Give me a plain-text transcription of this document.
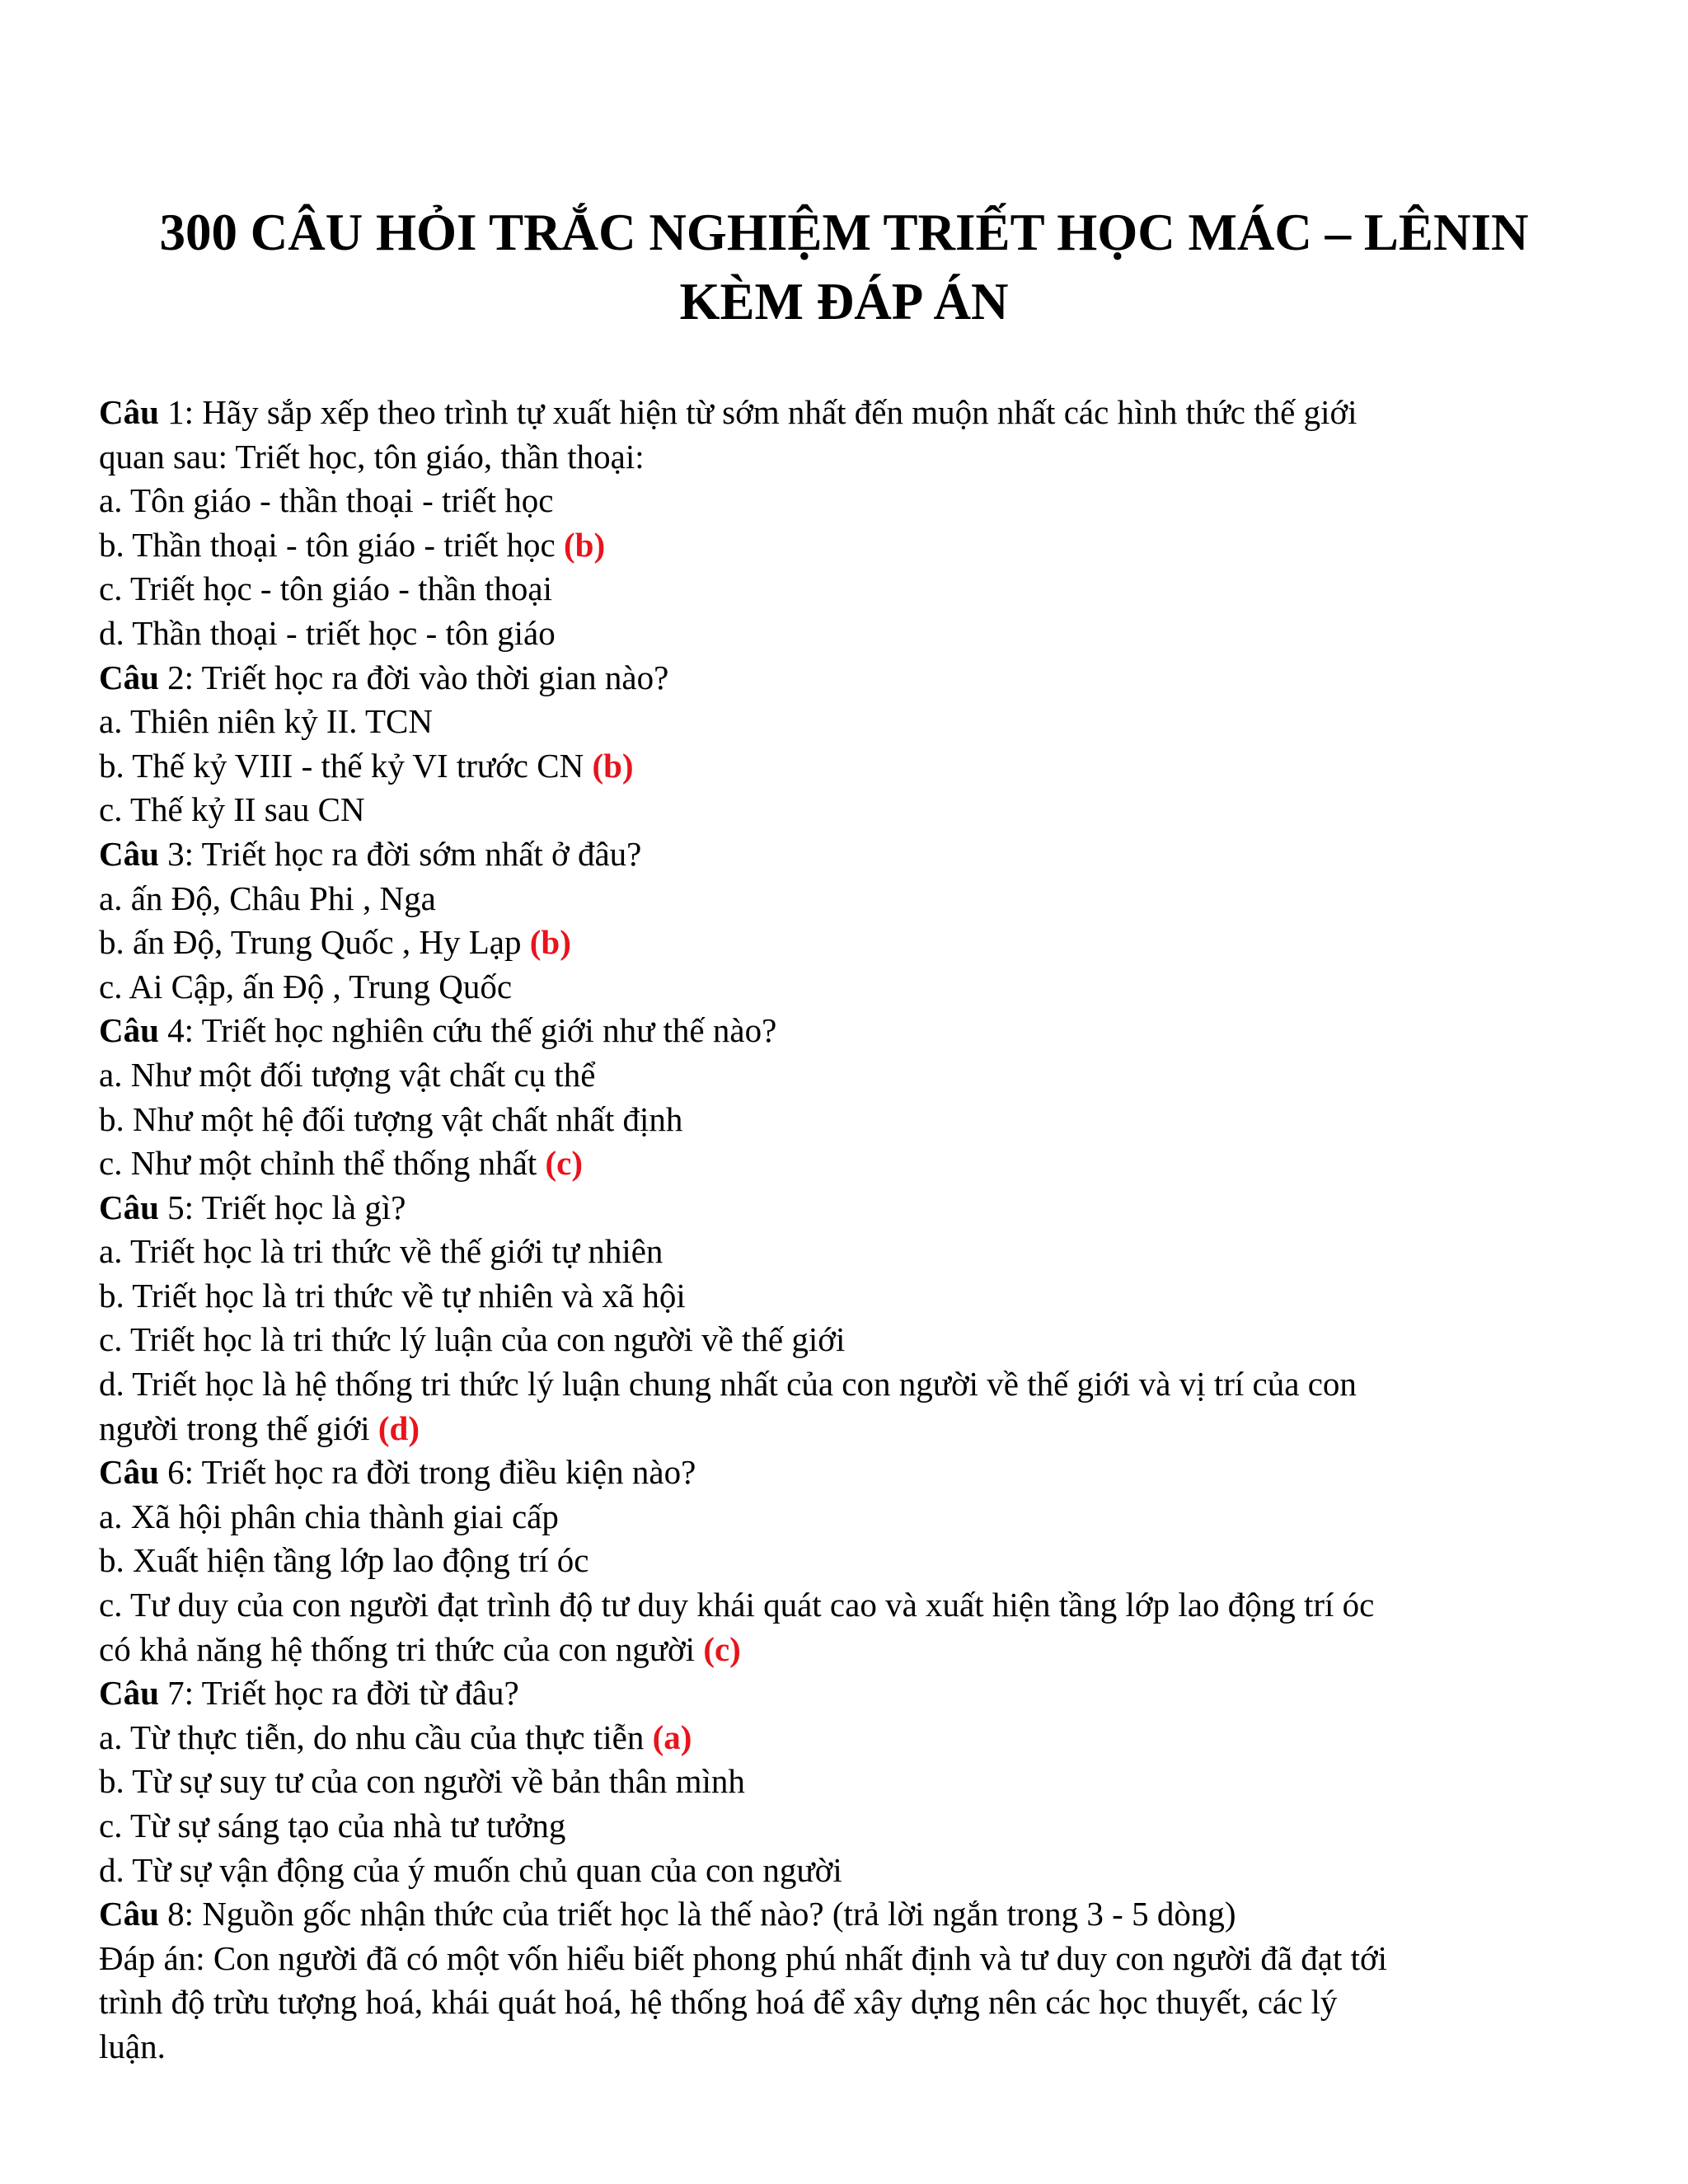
300 CÂU HỎI TRẮC NGHIỆM TRIẾT HỌC MÁC – LÊNIN
KÈM ĐÁP ÁN
Câu 1: Hãy sắp xếp theo trình tự xuất hiện từ sớm nhất đến muộn nhất các hình thức thế giới
quan sau: Triết học, tôn giáo, thần thoại:
a. Tôn giáo - thần thoại - triết học
b. Thần thoại - tôn giáo - triết học (b)
c. Triết học - tôn giáo - thần thoại
d. Thần thoại - triết học - tôn giáo
Câu 2: Triết học ra đời vào thời gian nào?
a. Thiên niên kỷ II. TCN
b. Thế kỷ VIII - thế kỷ VI trước CN (b)
c. Thế kỷ II sau CN
Câu 3: Triết học ra đời sớm nhất ở đâu?
a. ấn Độ, Châu Phi , Nga
b. ấn Độ, Trung Quốc , Hy Lạp (b)
c. Ai Cập, ấn Độ , Trung Quốc
Câu 4: Triết học nghiên cứu thế giới như thế nào?
a. Như một đối tượng vật chất cụ thể
b. Như một hệ đối tượng vật chất nhất định
c. Như một chỉnh thể thống nhất (c)
Câu 5: Triết học là gì?
a. Triết học là tri thức về thế giới tự nhiên
b. Triết học là tri thức về tự nhiên và xã hội
c. Triết học là tri thức lý luận của con người về thế giới
d. Triết học là hệ thống tri thức lý luận chung nhất của con người về thế giới và vị trí của con
người trong thế giới (d)
Câu 6: Triết học ra đời trong điều kiện nào?
a. Xã hội phân chia thành giai cấp
b. Xuất hiện tầng lớp lao động trí óc
c. Tư duy của con người đạt trình độ tư duy khái quát cao và xuất hiện tầng lớp lao động trí óc
có khả năng hệ thống tri thức của con người (c)
Câu 7: Triết học ra đời từ đâu?
a. Từ thực tiễn, do nhu cầu của thực tiễn (a)
b. Từ sự suy tư của con người về bản thân mình
c. Từ sự sáng tạo của nhà tư tưởng
d. Từ sự vận động của ý muốn chủ quan của con người
Câu 8: Nguồn gốc nhận thức của triết học là thế nào? (trả lời ngắn trong 3 - 5 dòng)
Đáp án: Con người đã có một vốn hiểu biết phong phú nhất định và tư duy con người đã đạt tới
trình độ trừu tượng hoá, khái quát hoá, hệ thống hoá để xây dựng nên các học thuyết, các lý
luận.
